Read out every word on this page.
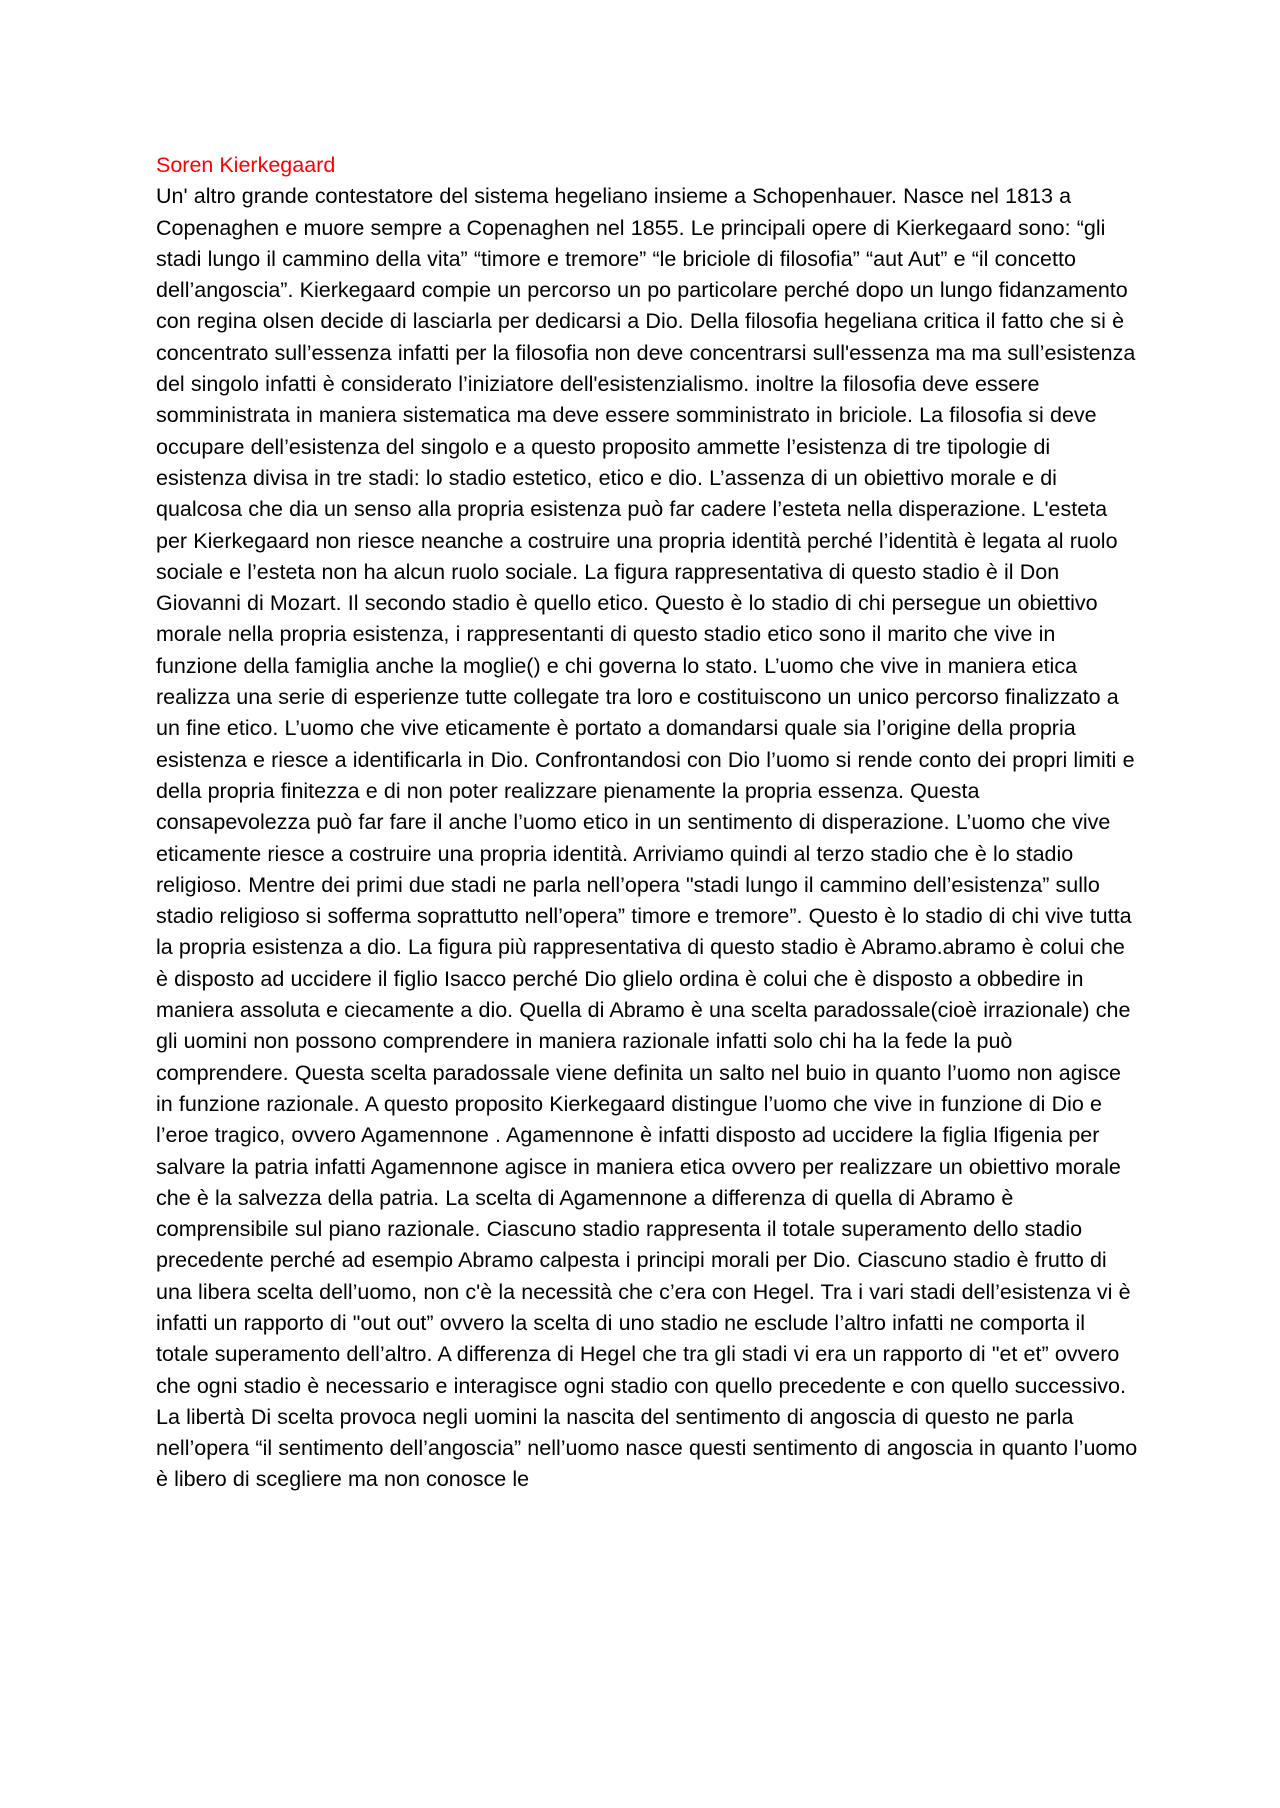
Soren Kierkegaard

Un' altro grande contestatore del sistema hegeliano insieme a Schopenhauer. Nasce nel 1813 a Copenaghen e muore sempre a Copenaghen nel 1855. Le principali opere di Kierkegaard sono: “gli stadi lungo il cammino della vita” “timore e tremore” “le briciole di filosofia” “aut Aut” e “il concetto dell’angoscia”. Kierkegaard compie un percorso un po particolare perché dopo un lungo fidanzamento con regina olsen decide di lasciarla per dedicarsi a Dio. Della filosofia hegeliana critica il fatto che si è concentrato sull’essenza infatti per la filosofia non deve concentrarsi sull'essenza ma ma sull’esistenza del singolo infatti è considerato l’iniziatore dell'esistenzialismo. inoltre la filosofia deve essere somministrata in maniera sistematica ma deve essere somministrato in briciole. La filosofia si deve occupare dell’esistenza del singolo e a questo proposito ammette l’esistenza di tre tipologie di esistenza divisa in tre stadi: lo stadio estetico, etico e dio. L’assenza di un obiettivo morale e di qualcosa che dia un senso alla propria esistenza può far cadere l’esteta nella disperazione. L'esteta per Kierkegaard non riesce neanche a costruire una propria identità perché l’identità è legata al ruolo sociale e l’esteta non ha alcun ruolo sociale. La figura rappresentativa di questo stadio è il Don Giovanni di Mozart. Il secondo stadio è quello etico. Questo è lo stadio di chi persegue un obiettivo morale nella propria esistenza, i rappresentanti di questo stadio etico sono il marito che vive in funzione della famiglia anche la moglie() e chi governa lo stato. L’uomo che vive in maniera etica realizza una serie di esperienze tutte collegate tra loro e costituiscono un unico percorso finalizzato a un fine etico. L’uomo che vive eticamente è portato a domandarsi quale sia l’origine della propria esistenza e riesce a identificarla in Dio. Confrontandosi con Dio l’uomo si rende conto dei propri limiti e della propria finitezza e di non poter realizzare pienamente la propria essenza. Questa consapevolezza può far fare il anche l’uomo etico in un sentimento di disperazione. L’uomo che vive eticamente riesce a costruire una propria identità. Arriviamo quindi al terzo stadio che è lo stadio religioso. Mentre dei primi due stadi ne parla nell’opera "stadi lungo il cammino dell’esistenza” sullo stadio religioso si sofferma soprattutto nell’opera” timore e tremore”. Questo è lo stadio di chi vive tutta la propria esistenza a dio. La figura più rappresentativa di questo stadio è Abramo.abramo è colui che è disposto ad uccidere il figlio Isacco perché Dio glielo ordina è colui che è disposto a obbedire in maniera assoluta e ciecamente a dio. Quella di Abramo è una scelta paradossale(cioè irrazionale) che gli uomini non possono comprendere in maniera razionale infatti solo chi ha la fede la può comprendere. Questa scelta paradossale viene definita un salto nel buio in quanto l’uomo non agisce in funzione razionale. A questo proposito Kierkegaard distingue l’uomo che vive in funzione di Dio e l’eroe tragico, ovvero Agamennone . Agamennone è infatti disposto ad uccidere la figlia Ifigenia per salvare la patria infatti Agamennone agisce in maniera etica ovvero per realizzare un obiettivo morale che è la salvezza della patria. La scelta di Agamennone a differenza di quella di Abramo è comprensibile sul piano razionale. Ciascuno stadio rappresenta il totale superamento dello stadio precedente perché ad esempio Abramo calpesta i principi morali per Dio. Ciascuno stadio è frutto di una libera scelta dell’uomo, non c'è la necessità che c’era con Hegel. Tra i vari stadi dell’esistenza vi è infatti un rapporto di "out out” ovvero la scelta di uno stadio ne esclude l’altro infatti ne comporta il totale superamento dell’altro. A differenza di Hegel che tra gli stadi vi era un rapporto di "et et” ovvero che ogni stadio è necessario e interagisce ogni stadio con quello precedente e con quello successivo. La libertà Di scelta provoca negli uomini la nascita del sentimento di angoscia di questo ne parla nell’opera “il sentimento dell’angoscia” nell’uomo nasce questi sentimento di angoscia in quanto l’uomo è libero di scegliere ma non conosce le
